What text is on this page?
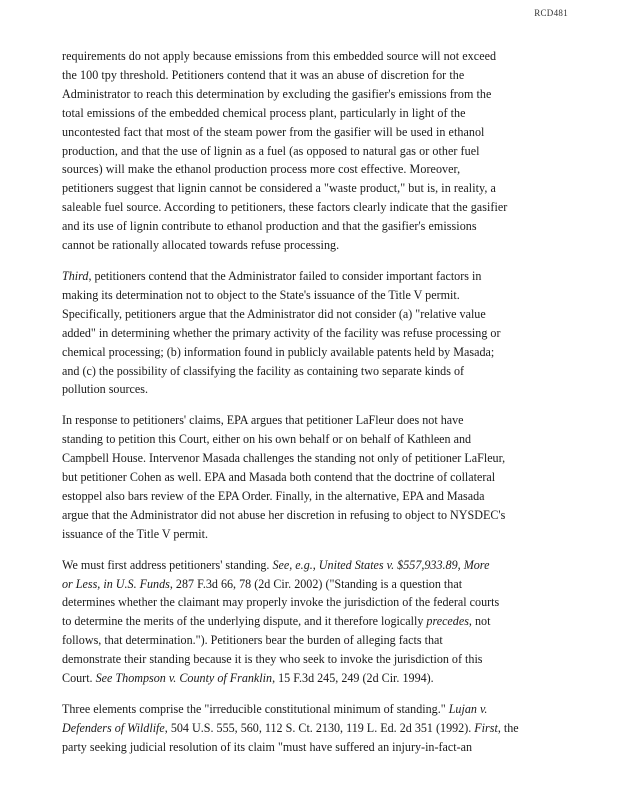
RCD481

requirements do not apply because emissions from this embedded source will not exceed
the 100 tpy threshold. Petitioners contend that it was an abuse of discretion for the
Administrator to reach this determination by excluding the gasifier's emissions from the
total emissions of the embedded chemical process plant, particularly in light of the
uncontested fact that most of the steam power from the gasifier will be used in ethanol
production, and that the use of lignin as a fuel (as opposed to natural gas or other fuel
sources) will make the ethanol production process more cost effective. Moreover,
petitioners suggest that lignin cannot be considered a "waste product," but is, in reality, a
saleable fuel source. According to petitioners, these factors clearly indicate that the gasifier
and its use of lignin contribute to ethanol production and that the gasifier's emissions
cannot be rationally allocated towards refuse processing.

Third, petitioners contend that the Administrator failed to consider important factors in
making its determination not to object to the State's issuance of the Title V permit.
Specifically, petitioners argue that the Administrator did not consider (a) "relative value
added" in determining whether the primary activity of the facility was refuse processing or
chemical processing; (b) information found in publicly available patents held by Masada;
and (c) the possibility of classifying the facility as containing two separate kinds of
pollution sources.

In response to petitioners' claims, EPA argues that petitioner LaFleur does not have
standing to petition this Court, either on his own behalf or on behalf of Kathleen and
Campbell House. Intervenor Masada challenges the standing not only of petitioner LaFleur,
but petitioner Cohen as well. EPA and Masada both contend that the doctrine of collateral
estoppel also bars review of the EPA Order. Finally, in the alternative, EPA and Masada
argue that the Administrator did not abuse her discretion in refusing to object to NYSDEC's
issuance of the Title V permit.

We must first address petitioners' standing. See, e.g., United States v. $557,933.89, More
or Less, in U.S. Funds, 287 F.3d 66, 78 (2d Cir. 2002) ("Standing is a question that
determines whether the claimant may properly invoke the jurisdiction of the federal courts
to determine the merits of the underlying dispute, and it therefore logically precedes, not
follows, that determination."). Petitioners bear the burden of alleging facts that
demonstrate their standing because it is they who seek to invoke the jurisdiction of this
Court. See Thompson v. County of Franklin, 15 F.3d 245, 249 (2d Cir. 1994).

Three elements comprise the "irreducible constitutional minimum of standing." Lujan v.
Defenders of Wildlife, 504 U.S. 555, 560, 112 S. Ct. 2130, 119 L. Ed. 2d 351 (1992). First, the
party seeking judicial resolution of its claim "must have suffered an injury-in-fact-an
